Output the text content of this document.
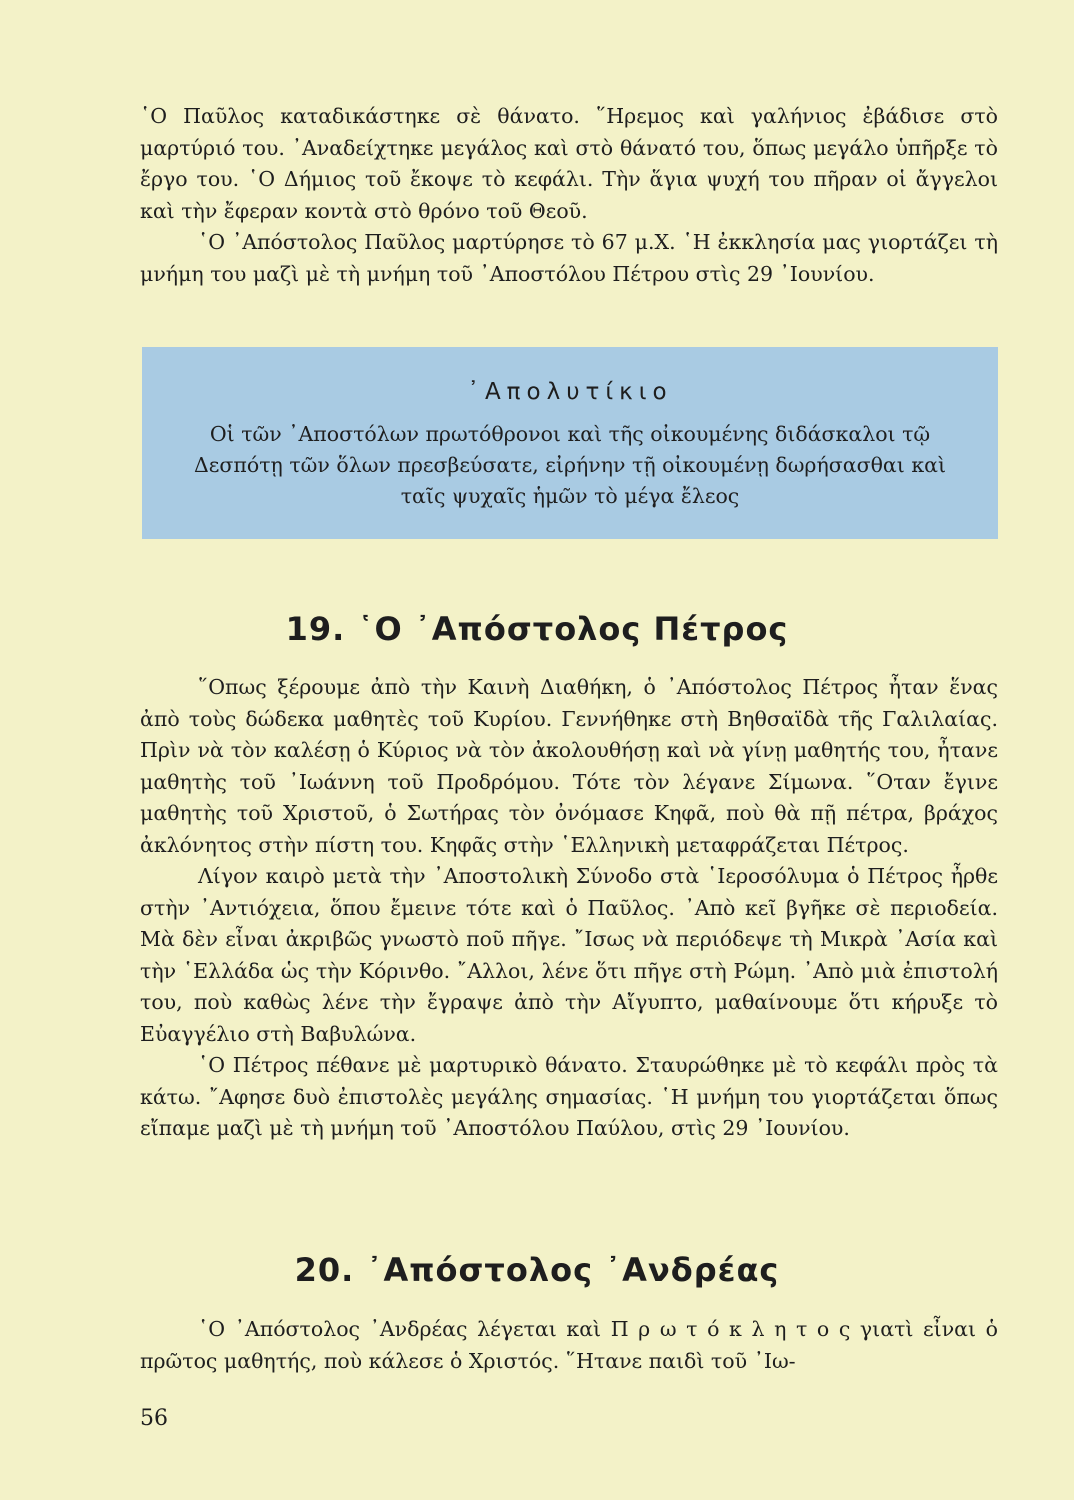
῾Ο Παῦλος καταδικάστηκε σὲ θάνατο. ῞Ηρεμος καὶ γαλήνιος ἐβάδισε στὸ μαρτύριό του. ᾿Αναδείχτηκε μεγάλος καὶ στὸ θάνατό του, ὅπως μεγάλο ὑπῆρξε τὸ ἔργο του. ῾Ο Δήμιος τοῦ ἔκοψε τὸ κεφάλι. Τὴν ἅγια ψυχή του πῆραν οἱ ἄγγελοι καὶ τὴν ἔφεραν κοντὰ στὸ θρόνο τοῦ Θεοῦ.

῾Ο ᾿Απόστολος Παῦλος μαρτύρησε τὸ 67 μ.Χ. ῾Η ἐκκλησία μας γιορτάζει τὴ μνήμη του μαζὶ μὲ τὴ μνήμη τοῦ ᾿Αποστόλου Πέτρου στὶς 29 ᾿Ιουνίου.

᾿Απολυτίκιο
Οἱ τῶν ᾿Αποστόλων πρωτόθρονοι καὶ τῆς οἰκουμένης διδάσκαλοι τῷ Δεσπότῃ τῶν ὅλων πρεσβεύσατε, εἰρήνην τῇ οἰκουμένῃ δωρήσασθαι καὶ ταῖς ψυχαῖς ἡμῶν τὸ μέγα ἔλεος
19. ῾Ο ᾿Απόστολος Πέτρος

῞Οπως ξέρουμε ἀπὸ τὴν Καινὴ Διαθήκη, ὁ ᾿Απόστολος Πέτρος ἦταν ἕνας ἀπὸ τοὺς δώδεκα μαθητὲς τοῦ Κυρίου. Γεννήθηκε στὴ Βηθσαϊδὰ τῆς Γαλιλαίας. Πρὶν νὰ τὸν καλέσῃ ὁ Κύριος νὰ τὸν ἀκολουθήσῃ καὶ νὰ γίνῃ μαθητής του, ἦτανε μαθητὴς τοῦ ᾿Ιωάννη τοῦ Προδρόμου. Τότε τὸν λέγανε Σίμωνα. ῞Οταν ἔγινε μαθητὴς τοῦ Χριστοῦ, ὁ Σωτήρας τὸν ὀνόμασε Κηφᾶ, ποὺ θὰ πῇ πέτρα, βράχος ἀκλόνητος στὴν πίστη του. Κηφᾶς στὴν ῾Ελληνικὴ μεταφράζεται Πέτρος.

Λίγον καιρὸ μετὰ τὴν ᾿Αποστολικὴ Σύνοδο στὰ ῾Ιεροσόλυμα ὁ Πέτρος ἦρθε στὴν ᾿Αντιόχεια, ὅπου ἔμεινε τότε καὶ ὁ Παῦλος. ᾿Απὸ κεῖ βγῆκε σὲ περιοδεία. Μὰ δὲν εἶναι ἀκριβῶς γνωστὸ ποῦ πῆγε. ῎Ισως νὰ περιόδεψε τὴ Μικρὰ ᾿Ασία καὶ τὴν ῾Ελλάδα ὡς τὴν Κόρινθο. ῎Αλλοι, λένε ὅτι πῆγε στὴ Ρώμη. ᾿Απὸ μιὰ ἐπιστολή του, ποὺ καθὼς λένε τὴν ἔγραψε ἀπὸ τὴν Αἴγυπτο, μαθαίνουμε ὅτι κήρυξε τὸ Εὐαγγέλιο στὴ Βαβυλώνα.

῾Ο Πέτρος πέθανε μὲ μαρτυρικὸ θάνατο. Σταυρώθηκε μὲ τὸ κεφάλι πρὸς τὰ κάτω. ῎Αφησε δυὸ ἐπιστολὲς μεγάλης σημασίας. ῾Η μνήμη του γιορτάζεται ὅπως εἴπαμε μαζὶ μὲ τὴ μνήμη τοῦ ᾿Αποστόλου Παύλου, στὶς 29 ᾿Ιουνίου.

20. ᾿Απόστολος ᾿Ανδρέας

῾Ο ᾿Απόστολος ᾿Ανδρέας λέγεται καὶ Π ρ ω τ ό κ λ η τ ο ς γιατὶ εἶναι ὁ πρῶτος μαθητής, ποὺ κάλεσε ὁ Χριστός. ῞Ητανε παιδὶ τοῦ ᾿Ιω-

56
